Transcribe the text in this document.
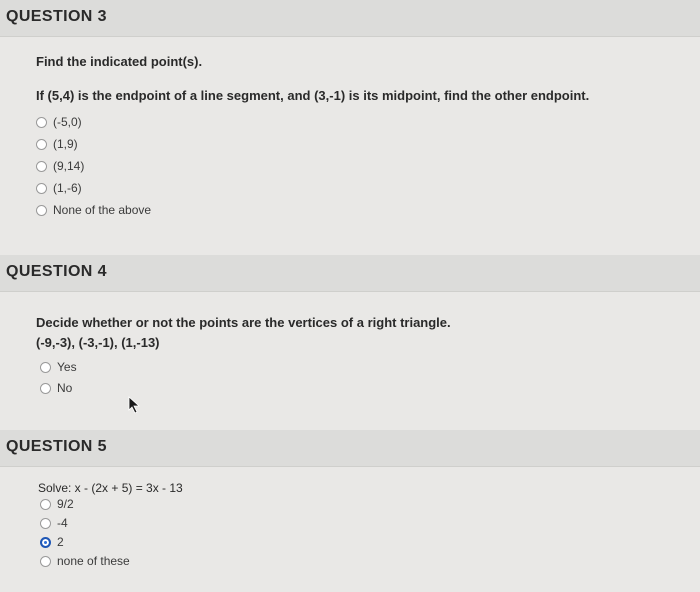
QUESTION 3
Find the indicated point(s).
If (5,4) is the endpoint of a line segment, and (3,-1) is its midpoint, find the other endpoint.
(-5,0)
(1,9)
(9,14)
(1,-6)
None of the above
QUESTION 4
Decide whether or not the points are the vertices of a right triangle.
(-9,-3), (-3,-1), (1,-13)
Yes
No
QUESTION 5
Solve: x - (2x + 5) = 3x - 13
9/2
-4
2
none of these
